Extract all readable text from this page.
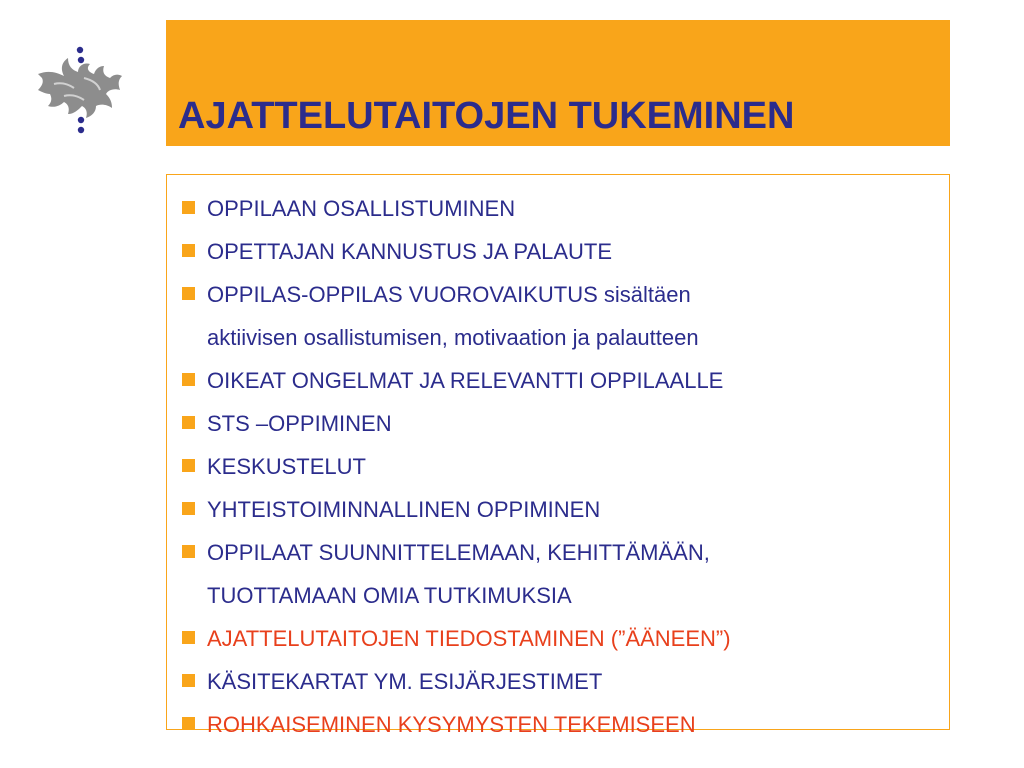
AJATTELUTAITOJEN TUKEMINEN
OPPILAAN OSALLISTUMINEN
OPETTAJAN KANNUSTUS JA PALAUTE
OPPILAS-OPPILAS VUOROVAIKUTUS sisältäen
aktiivisen osallistumisen, motivaation ja palautteen
OIKEAT ONGELMAT JA RELEVANTTI OPPILAALLE
STS –OPPIMINEN
KESKUSTELUT
YHTEISTOIMINNALLINEN OPPIMINEN
OPPILAAT SUUNNITTELEMAAN, KEHITTÄMÄÄN,
TUOTTAMAAN OMIA TUTKIMUKSIA
AJATTELUTAITOJEN TIEDOSTAMINEN (”ÄÄNEEN”)
KÄSITEKARTAT YM. ESIJÄRJESTIMET
ROHKAISEMINEN KYSYMYSTEN TEKEMISEEN
